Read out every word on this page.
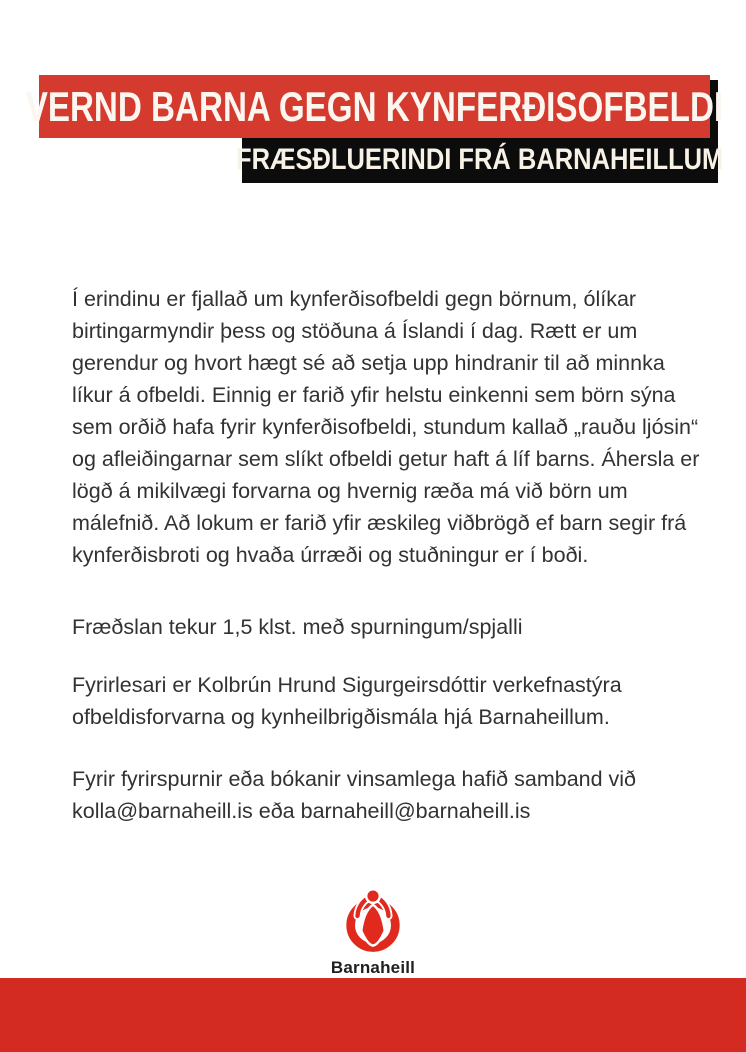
FRÆSÐLUERINDI FRÁ BARNAHEILLUM
VERND BARNA GEGN KYNFERÐISOFBELDI

Í erindinu er fjallað um kynferðisofbeldi gegn börnum, ólíkar birtingarmyndir þess og stöðuna á Íslandi í dag. Rætt er um gerendur og hvort hægt sé að setja upp hindranir til að minnka líkur á ofbeldi. Einnig er farið yfir helstu einkenni sem börn sýna sem orðið hafa fyrir kynferðisofbeldi, stundum kallað „rauðu ljósin“ og afleiðingarnar sem slíkt ofbeldi getur haft á líf barns. Áhersla er lögð á mikilvægi forvarna og hvernig ræða má við börn um málefnið. Að lokum er farið yfir æskileg viðbrögð ef barn segir frá kynferðisbroti og hvaða úrræði og stuðningur er í boði.

Fræðslan tekur 1,5 klst. með spurningum/spjalli

Fyrirlesari er Kolbrún Hrund Sigurgeirsdóttir verkefnastýra ofbeldisforvarna og kynheilbrigðismála hjá Barnaheillum.

Fyrir fyrirspurnir eða bókanir vinsamlega hafið samband við kolla@barnaheill.is eða barnaheill@barnaheill.is

Barnaheill
